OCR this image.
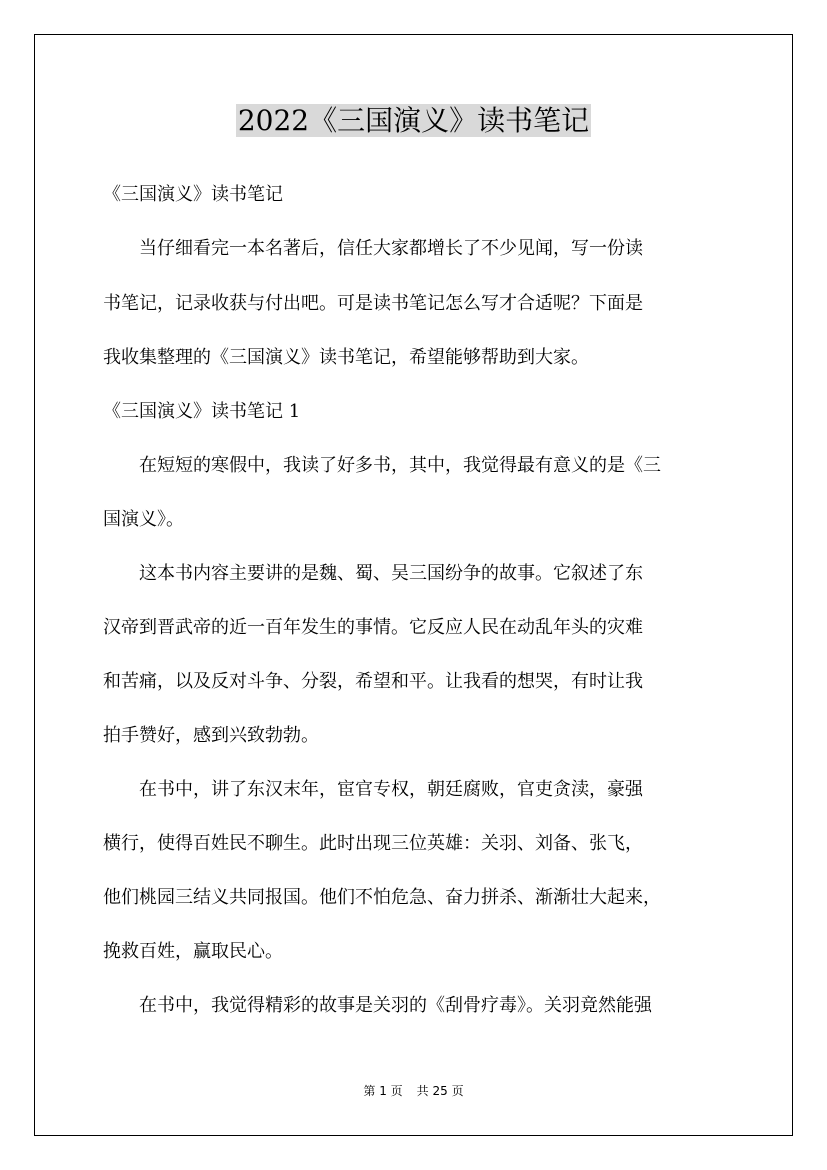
2022《三国演义》读书笔记
《三国演义》读书笔记
　　当仔细看完一本名著后，信任大家都增长了不少见闻，写一份读
书笔记，记录收获与付出吧。可是读书笔记怎么写才合适呢？下面是
我收集整理的《三国演义》读书笔记，希望能够帮助到大家。
《三国演义》读书笔记 1
　　在短短的寒假中，我读了好多书，其中，我觉得最有意义的是《三
国演义》。
　　这本书内容主要讲的是魏、蜀、吴三国纷争的故事。它叙述了东
汉帝到晋武帝的近一百年发生的事情。它反应人民在动乱年头的灾难
和苦痛，以及反对斗争、分裂，希望和平。让我看的想哭，有时让我
拍手赞好，感到兴致勃勃。
　　在书中，讲了东汉末年，宦官专权，朝廷腐败，官吏贪渎，豪强
横行，使得百姓民不聊生。此时出现三位英雄：关羽、刘备、张飞，
他们桃园三结义共同报国。他们不怕危急、奋力拼杀、渐渐壮大起来，
挽救百姓，赢取民心。
　　在书中，我觉得精彩的故事是关羽的《刮骨疗毒》。关羽竟然能强
第 1 页 共 25 页
